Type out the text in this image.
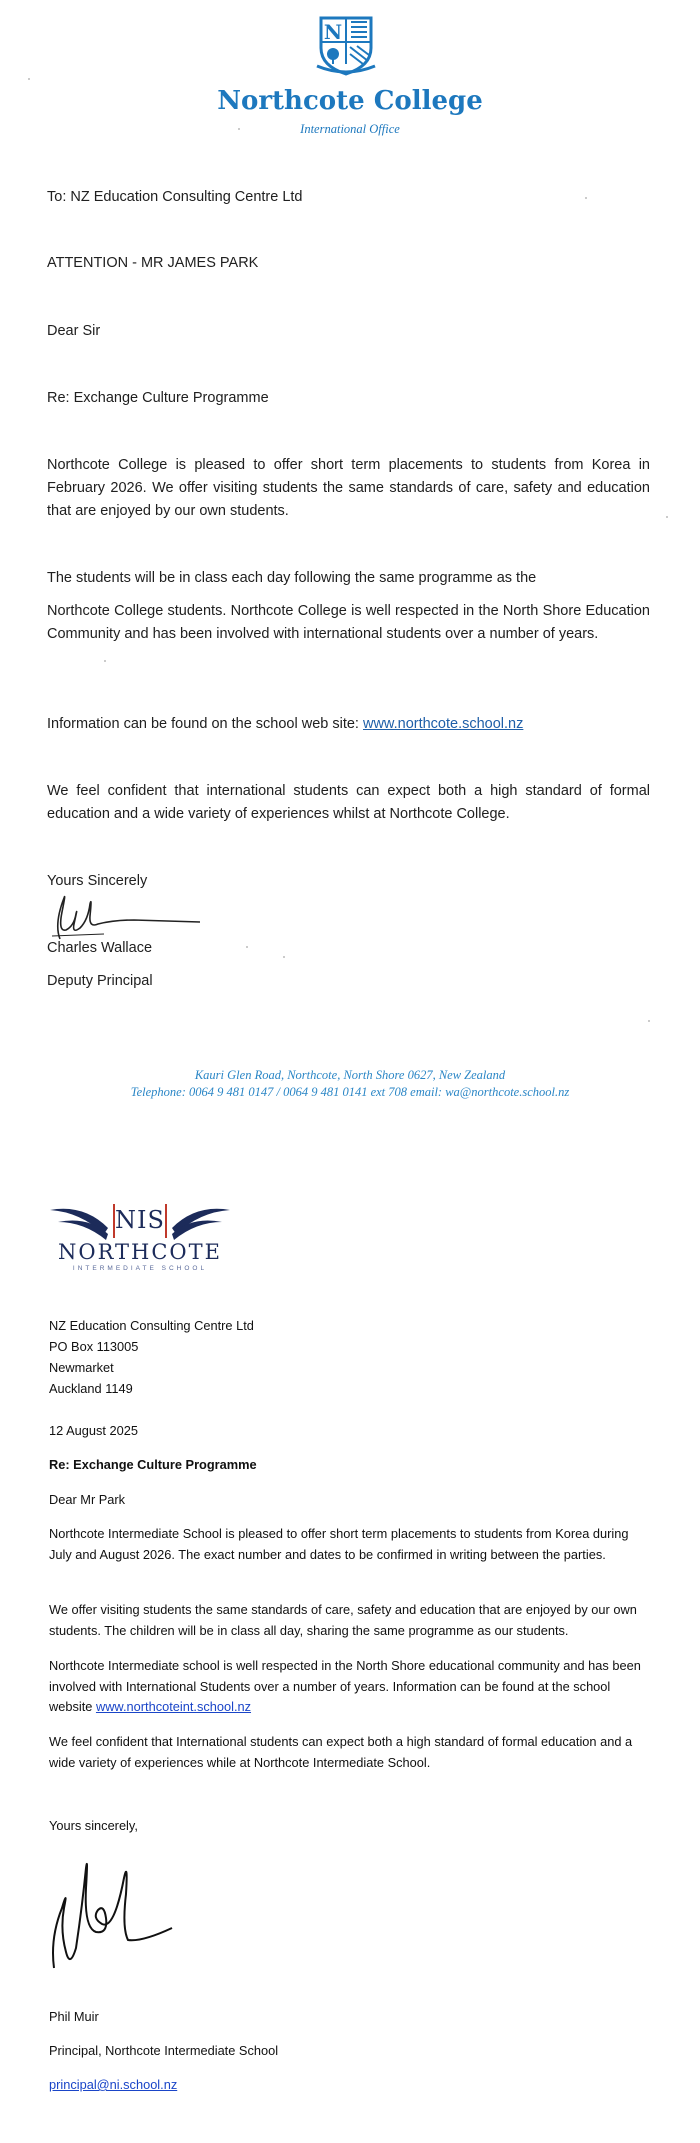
N
Northcote College
International Office
To: NZ Education Consulting Centre Ltd
ATTENTION - MR JAMES PARK
Dear Sir
Re: Exchange Culture Programme
Northcote College is pleased to offer short term placements to students from Korea in February 2026. We offer visiting students the same standards of care, safety and education that are enjoyed by our own students.
The students will be in class each day following the same programme as the
Northcote College students. Northcote College is well respected in the North Shore Education Community and has been involved with international students over a number of years.
Information can be found on the school web site: www.northcote.school.nz
We feel confident that international students can expect both a high standard of formal education and a wide variety of experiences whilst at Northcote College.
Yours Sincerely
Charles Wallace
Deputy Principal
Kauri Glen Road, Northcote, North Shore 0627, New Zealand
Telephone: 0064 9 481 0147 / 0064 9 481 0141 ext 708 email: wa@northcote.school.nz
NIS
NORTHCOTE
INTERMEDIATE SCHOOL
NZ Education Consulting Centre Ltd
PO Box 113005
Newmarket
Auckland 1149
12 August 2025
Re: Exchange Culture Programme
Dear Mr Park
Northcote Intermediate School is pleased to offer short term placements to students from Korea during July and August 2026. The exact number and dates to be confirmed in writing between the parties.
We offer visiting students the same standards of care, safety and education that are enjoyed by our own students. The children will be in class all day, sharing the same programme as our students.
Northcote Intermediate school is well respected in the North Shore educational community and has been involved with International Students over a number of years. Information can be found at the school website www.northcoteint.school.nz
We feel confident that International students can expect both a high standard of formal education and a wide variety of experiences while at Northcote Intermediate School.
Yours sincerely,
Phil Muir
Principal, Northcote Intermediate School
principal@ni.school.nz
